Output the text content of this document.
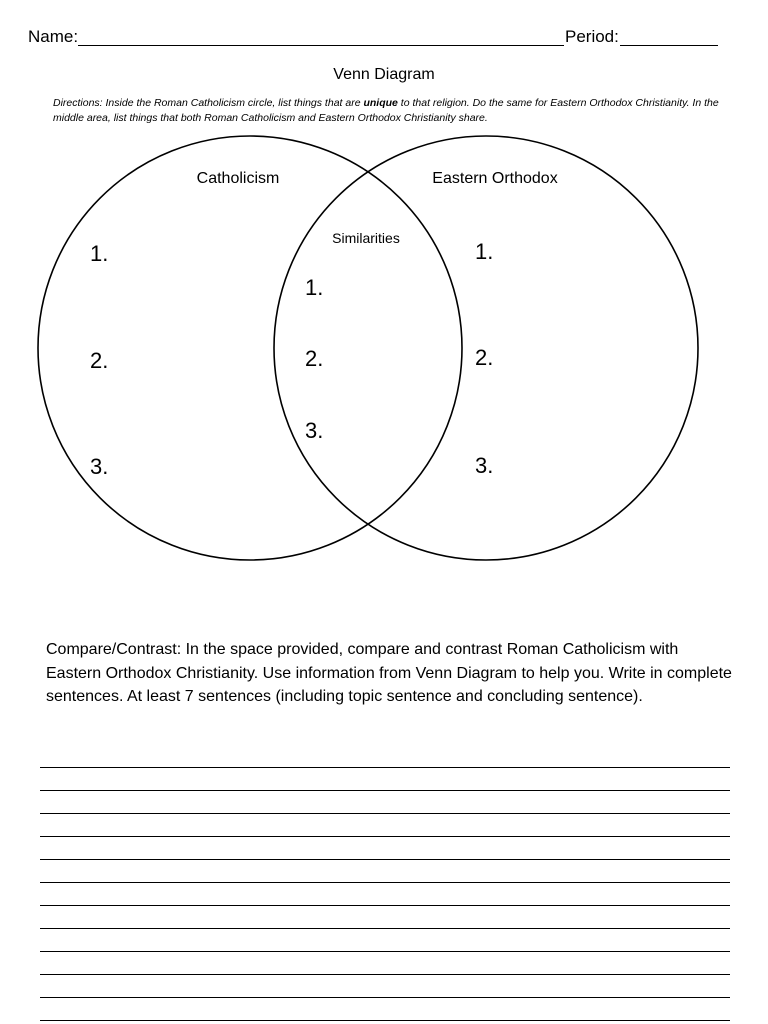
Name:	Period:
Venn Diagram
Directions: Inside the Roman Catholicism circle, list things that are unique to that religion. Do the same for Eastern Orthodox Christianity. In the middle area, list things that both Roman Catholicism and Eastern Orthodox Christianity share.
Catholicism	Eastern Orthodox
Similarities
1.
2.
3.
1.
2.
3.
1.
2.
3.
Compare/Contrast: In the space provided, compare and contrast Roman Catholicism with Eastern Orthodox Christianity. Use information from Venn Diagram to help you. Write in complete sentences. At least 7 sentences (including topic sentence and concluding sentence).
